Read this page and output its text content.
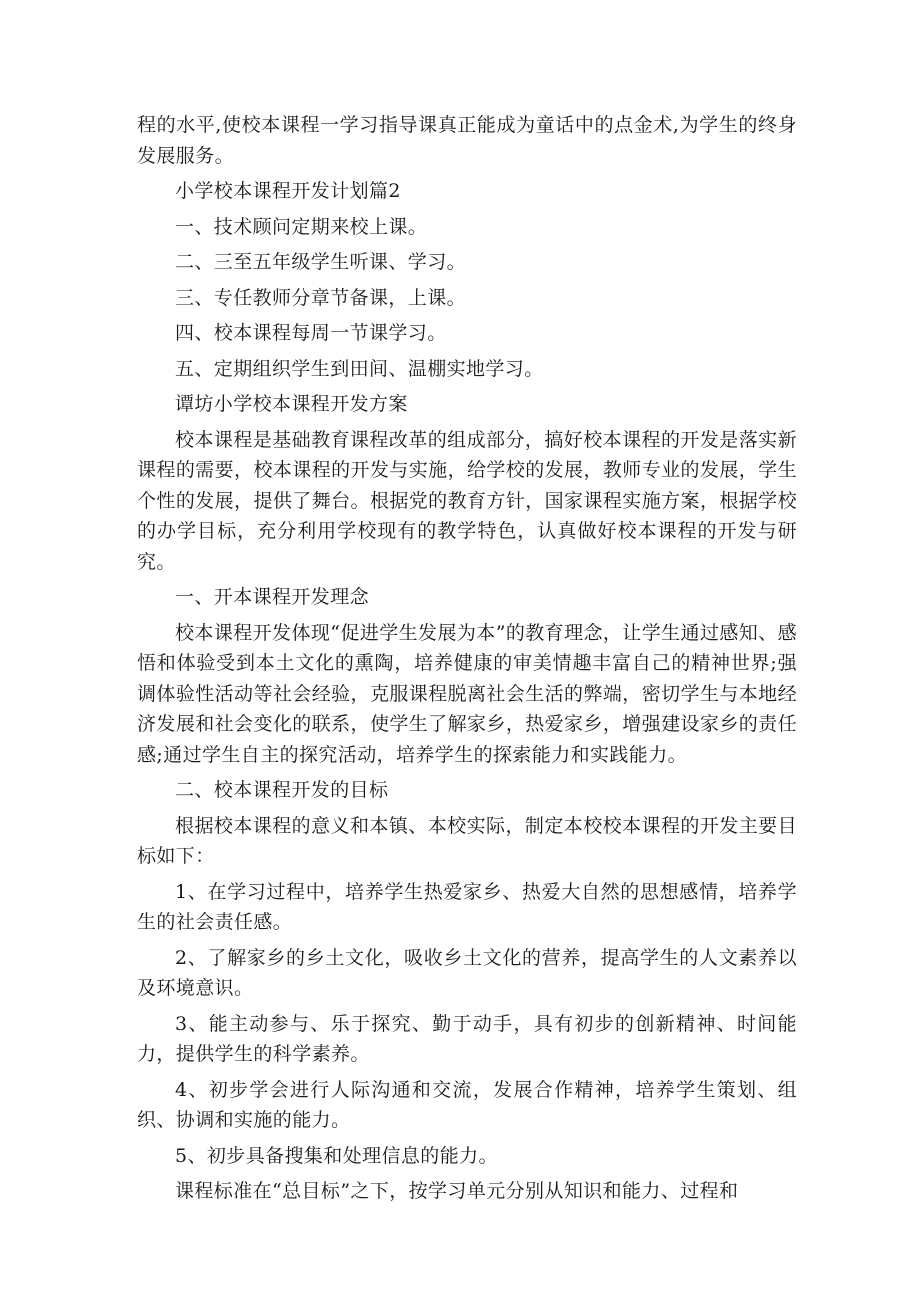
程的水平,使校本课程一学习指导课真正能成为童话中的点金术,为学生的终身发展服务。

小学校本课程开发计划篇2

一、技术顾问定期来校上课。

二、三至五年级学生听课、学习。

三、专任教师分章节备课，上课。

四、校本课程每周一节课学习。

五、定期组织学生到田间、温棚实地学习。

谭坊小学校本课程开发方案

校本课程是基础教育课程改革的组成部分，搞好校本课程的开发是落实新课程的需要，校本课程的开发与实施，给学校的发展，教师专业的发展，学生个性的发展，提供了舞台。根据党的教育方针，国家课程实施方案，根据学校的办学目标，充分利用学校现有的教学特色，认真做好校本课程的开发与研究。

一、开本课程开发理念

校本课程开发体现“促进学生发展为本”的教育理念，让学生通过感知、感悟和体验受到本土文化的熏陶，培养健康的审美情趣丰富自己的精神世界;强调体验性活动等社会经验，克服课程脱离社会生活的弊端，密切学生与本地经济发展和社会变化的联系，使学生了解家乡，热爱家乡，增强建设家乡的责任感;通过学生自主的探究活动，培养学生的探索能力和实践能力。

二、校本课程开发的目标

根据校本课程的意义和本镇、本校实际，制定本校校本课程的开发主要目标如下：

1、在学习过程中，培养学生热爱家乡、热爱大自然的思想感情，培养学生的社会责任感。

2、了解家乡的乡土文化，吸收乡土文化的营养，提高学生的人文素养以及环境意识。

3、能主动参与、乐于探究、勤于动手，具有初步的创新精神、时间能力，提供学生的科学素养。

4、初步学会进行人际沟通和交流，发展合作精神，培养学生策划、组织、协调和实施的能力。

5、初步具备搜集和处理信息的能力。

课程标准在“总目标”之下，按学习单元分别从知识和能力、过程和
